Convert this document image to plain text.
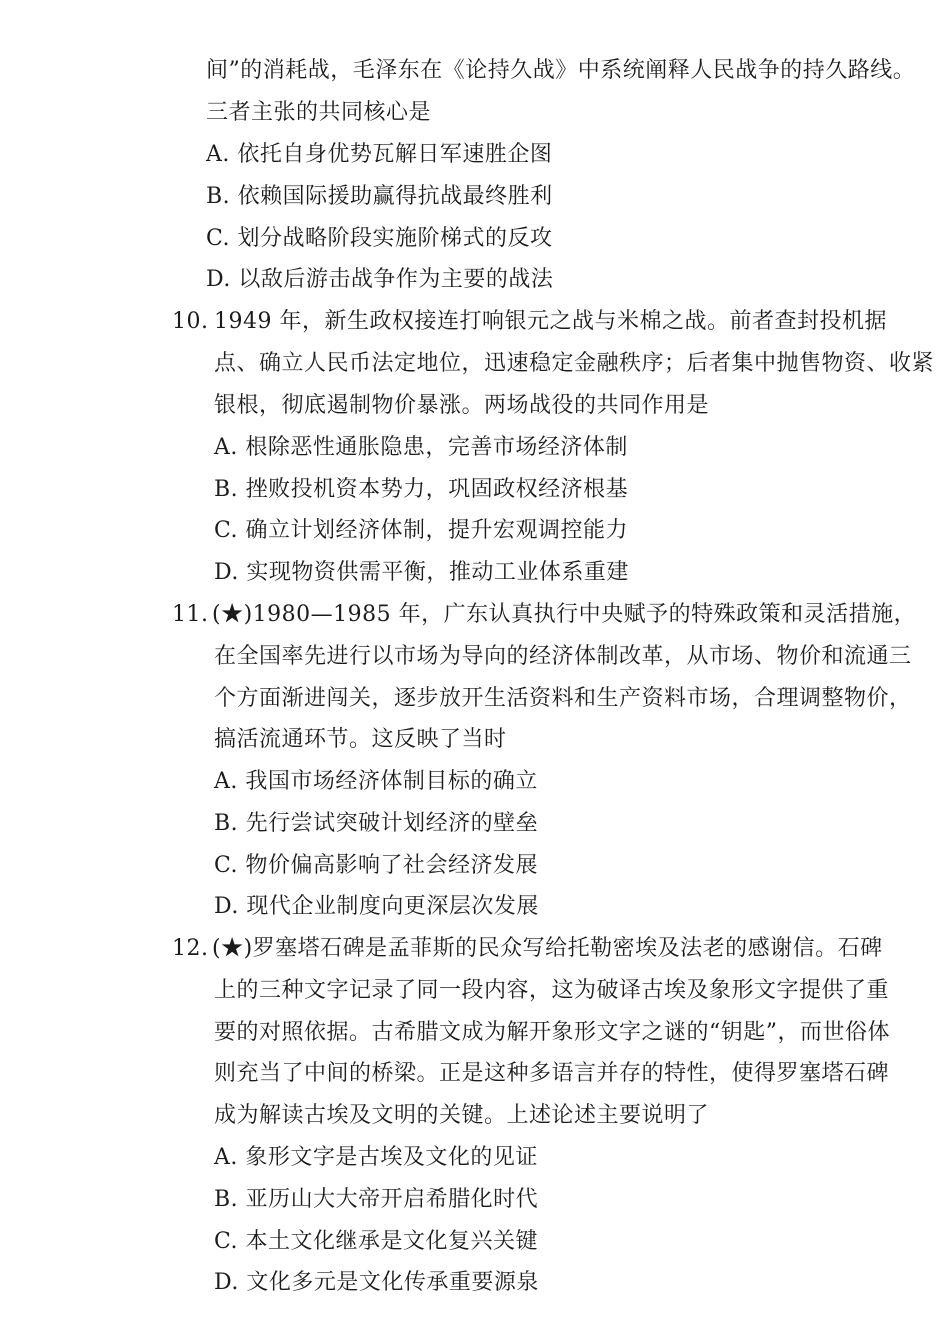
间”的消耗战，毛泽东在《论持久战》中系统阐释人民战争的持久路线。
三者主张的共同核心是
A. 依托自身优势瓦解日军速胜企图
B. 依赖国际援助赢得抗战最终胜利
C. 划分战略阶段实施阶梯式的反攻
D. 以敌后游击战争作为主要的战法
10. 1949 年，新生政权接连打响银元之战与米棉之战。前者查封投机据
点、确立人民币法定地位，迅速稳定金融秩序；后者集中抛售物资、收紧
银根，彻底遏制物价暴涨。两场战役的共同作用是
A. 根除恶性通胀隐患，完善市场经济体制
B. 挫败投机资本势力，巩固政权经济根基
C. 确立计划经济体制，提升宏观调控能力
D. 实现物资供需平衡，推动工业体系重建
11. (★)1980—1985 年，广东认真执行中央赋予的特殊政策和灵活措施，
在全国率先进行以市场为导向的经济体制改革，从市场、物价和流通三
个方面渐进闯关，逐步放开生活资料和生产资料市场，合理调整物价，
搞活流通环节。这反映了当时
A. 我国市场经济体制目标的确立
B. 先行尝试突破计划经济的壁垒
C. 物价偏高影响了社会经济发展
D. 现代企业制度向更深层次发展
12. (★)罗塞塔石碑是孟菲斯的民众写给托勒密埃及法老的感谢信。石碑
上的三种文字记录了同一段内容，这为破译古埃及象形文字提供了重
要的对照依据。古希腊文成为解开象形文字之谜的“钥匙”，而世俗体
则充当了中间的桥梁。正是这种多语言并存的特性，使得罗塞塔石碑
成为解读古埃及文明的关键。上述论述主要说明了
A. 象形文字是古埃及文化的见证
B. 亚历山大大帝开启希腊化时代
C. 本土文化继承是文化复兴关键
D. 文化多元是文化传承重要源泉
